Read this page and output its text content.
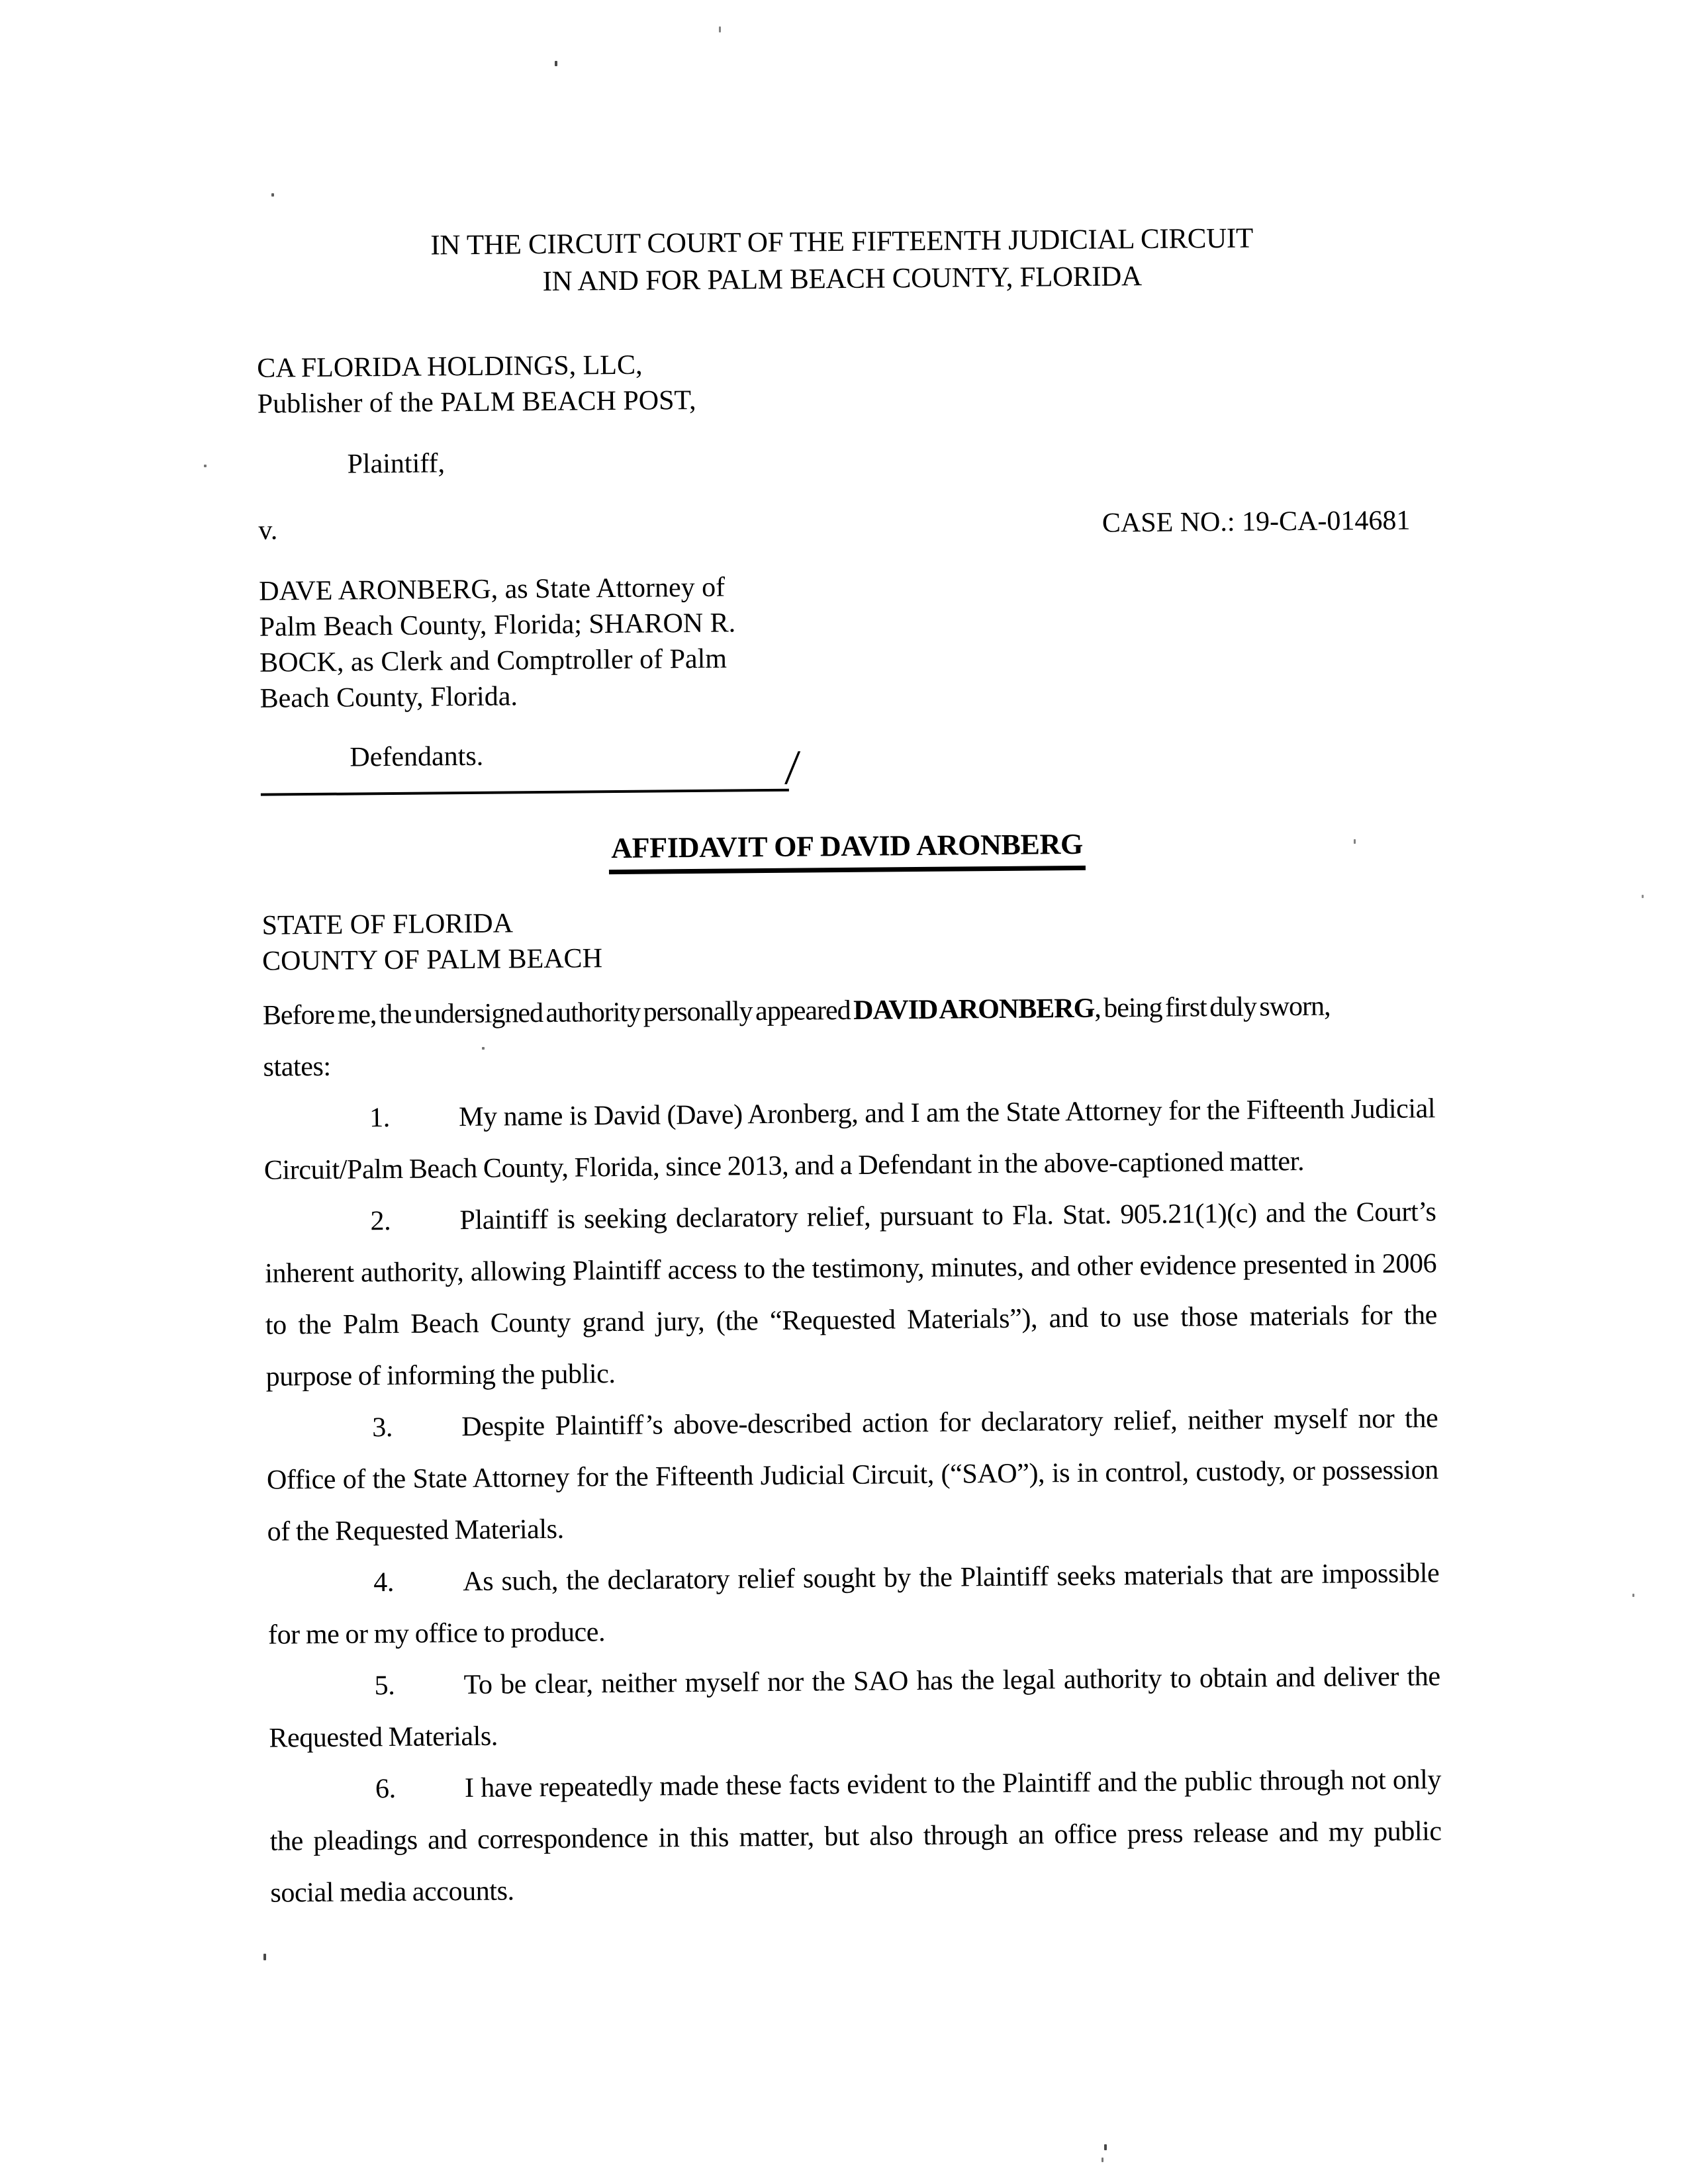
IN THE CIRCUIT COURT OF THE FIFTEENTH JUDICIAL CIRCUIT
IN AND FOR PALM BEACH COUNTY, FLORIDA
CA FLORIDA HOLDINGS, LLC,
Publisher of the PALM BEACH POST,
Plaintiff,
v.	CASE NO.: 19-CA-014681
DAVE ARONBERG, as State Attorney of
Palm Beach County, Florida; SHARON R.
BOCK, as Clerk and Comptroller of Palm
Beach County, Florida.
Defendants.	/
AFFIDAVIT OF DAVID ARONBERG
STATE OF FLORIDA
COUNTY OF PALM BEACH

Before me, the undersigned authority personally appeared DAVID ARONBERG, being first duly sworn,

states:

1. My name is David (Dave) Aronberg, and I am the State Attorney for the Fifteenth Judicial Circuit/Palm Beach County, Florida, since 2013, and a Defendant in the above-captioned matter.

2. Plaintiff is seeking declaratory relief, pursuant to Fla. Stat. 905.21(1)(c) and the Court’s inherent authority, allowing Plaintiff access to the testimony, minutes, and other evidence presented in 2006 to the Palm Beach County grand jury, (the “Requested Materials”), and to use those materials for the purpose of informing the public.

3. Despite Plaintiff’s above-described action for declaratory relief, neither myself nor the Office of the State Attorney for the Fifteenth Judicial Circuit, (“SAO”), is in control, custody, or possession of the Requested Materials.

4. As such, the declaratory relief sought by the Plaintiff seeks materials that are impossible for me or my office to produce.

5. To be clear, neither myself nor the SAO has the legal authority to obtain and deliver the Requested Materials.

6. I have repeatedly made these facts evident to the Plaintiff and the public through not only the pleadings and correspondence in this matter, but also through an office press release and my public social media accounts.
